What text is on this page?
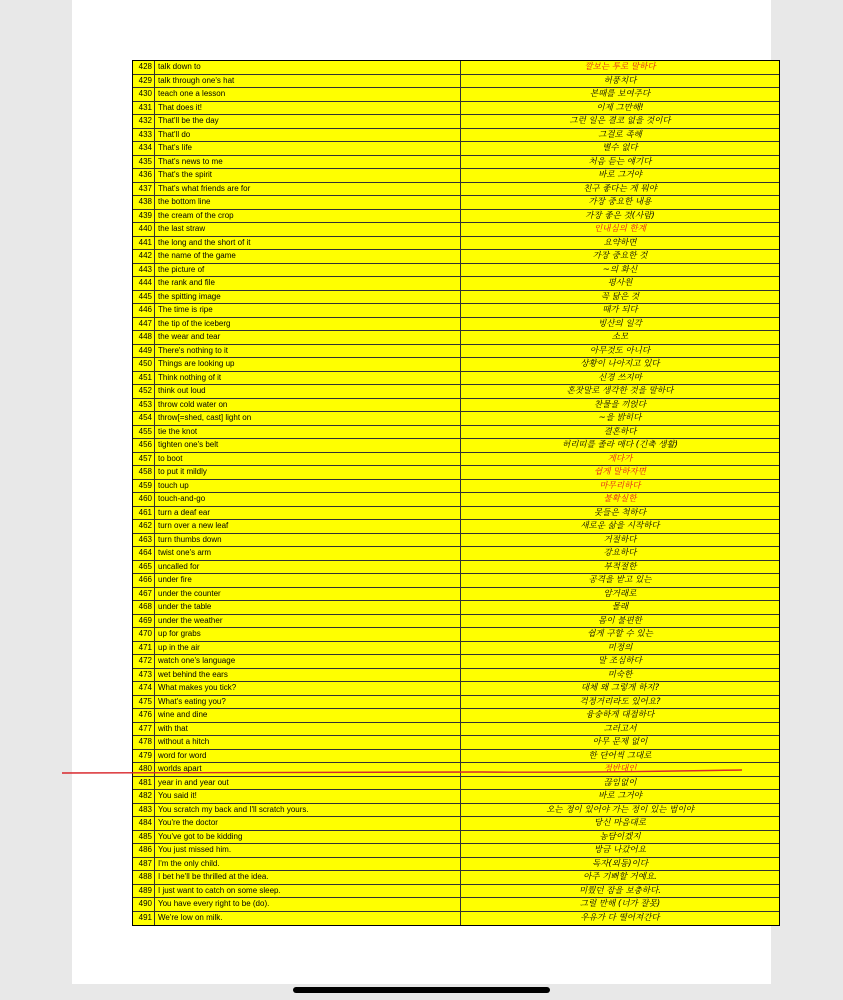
428 talk down to	깔보는 투로 말하다
429 talk through one's hat	허풍치다
430 teach one a lesson	본때를 보여주다
431 That does it!	이제 그만해!
432 That'll be the day	그런 일은 결코 없을 것이다
433 That'll do	그걸로 족해
434 That's life	별수 없다
435 That's news to me	처음 듣는 얘기다
436 That's the spirit	바로 그거야
437 That's what friends are for	친구 좋다는 게 뭐야
438 the bottom line	가장 중요한 내용
439 the cream of the crop	가장 좋은 것(사람)
440 the last straw	인내심의 한계
441 the long and the short of it	요약하면
442 the name of the game	가장 중요한 것
443 the picture of	~의 화신
444 the rank and file	평사원
445 the spitting image	꼭 닮은 것
446 The time is ripe	때가 되다
447 the tip of the iceberg	빙산의 일각
448 the wear and tear	소모
449 There's nothing to it	아무것도 아니다
450 Things are looking up	상황이 나아지고 있다
451 Think nothing of it	신경 쓰지마
452 think out loud	혼잣말로 생각한 것을 말하다
453 throw cold water on	찬물을 끼얹다
454 throw[=shed, cast] light on	~을 밝히다
455 tie the knot	결혼하다
456 tighten one's belt	허리띠를 졸라 매다 (긴축 생활)
457 to boot	게다가
458 to put it mildly	쉽게 말하자면
459 touch up	마무리하다
460 touch-and-go	불확실한
461 turn a deaf ear	못들은 척하다
462 turn over a new leaf	새로운 삶을 시작하다
463 turn thumbs down	거절하다
464 twist one's arm	강요하다
465 uncalled for	부적절한
466 under fire	공격을 받고 있는
467 under the counter	암거래로
468 under the table	몰래
469 under the weather	몸이 불편한
470 up for grabs	쉽게 구할 수 있는
471 up in the air	미정의
472 watch one's language	말 조심하다
473 wet behind the ears	미숙한
474 What makes you tick?	대체 왜 그렇게 하지?
475 What's eating you?	걱정거리라도 있어요?
476 wine and dine	융숭하게 대접하다
477 with that	그러고서
478 without a hitch	아무 문제 없이
479 word for word	한 단어씩 그대로
480 worlds apart	정반대인
481 year in and year out	끊임없이
482 You said it!	바로 그거야
483 You scratch my back and I'll scratch yours.	오는 정이 있어야 가는 정이 있는 법이야
484 You're the doctor	당신 마음대로
485 You've got to be kidding	농담이겠지
486 You just missed him.	방금 나갔어요
487 I'm the only child.	독자(외동)이다
488 I bet he'll be thrilled at the idea.	아주 기뻐할 거예요.
489 I just want to catch on some sleep.	미뤘던 잠을 보충하다.
490 You have every right to be (do).	그럴 만해 (너가 잘못)
491 We're low on milk.	우유가 다 떨어져간다
